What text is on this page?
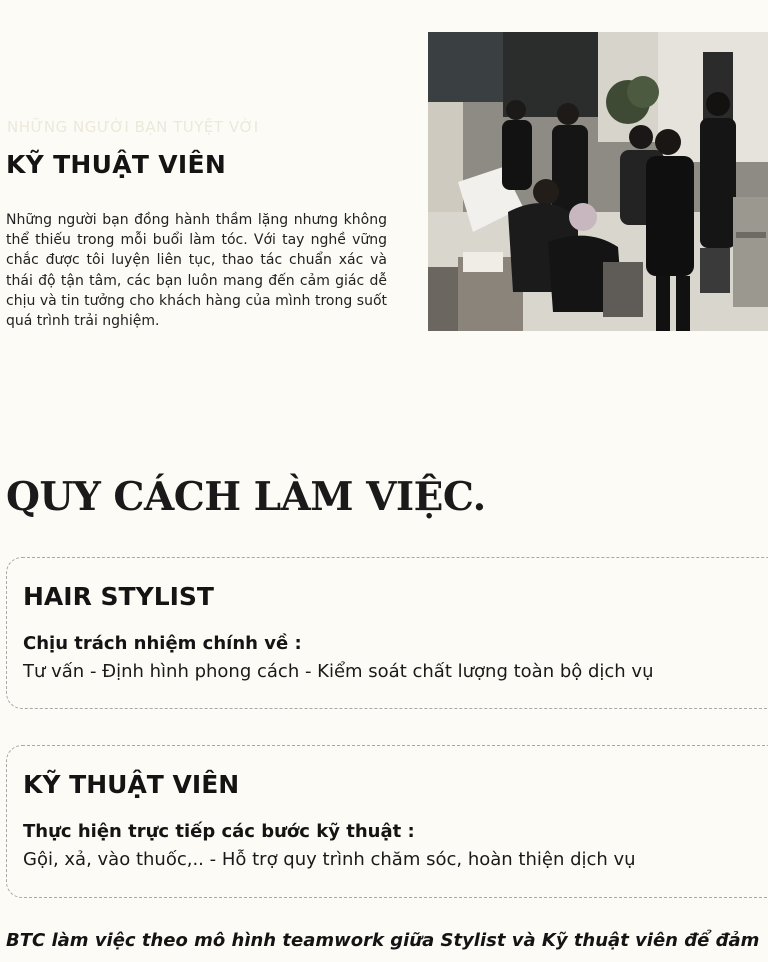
NHỮNG NGƯỜI BẠN TUYỆT VỜI
KỸ THUẬT VIÊN

Những người bạn đồng hành thầm lặng nhưng không thể thiếu trong mỗi buổi làm tóc. Với tay nghề vững chắc được tôi luyện liên tục, thao tác chuẩn xác và thái độ tận tâm, các bạn luôn mang đến cảm giác dễ chịu và tin tưởng cho khách hàng của mình trong suốt quá trình trải nghiệm.

QUY CÁCH LÀM VIỆC.
HAIR STYLIST
Chịu trách nhiệm chính về :
Tư vấn - Định hình phong cách - Kiểm soát chất lượng toàn bộ dịch vụ
KỸ THUẬT VIÊN
Thực hiện trực tiếp các bước kỹ thuật :
Gội, xả, vào thuốc,.. - Hỗ trợ quy trình chăm sóc, hoàn thiện dịch vụ
BTC làm việc theo mô hình teamwork giữa Stylist và Kỹ thuật viên để đảm
